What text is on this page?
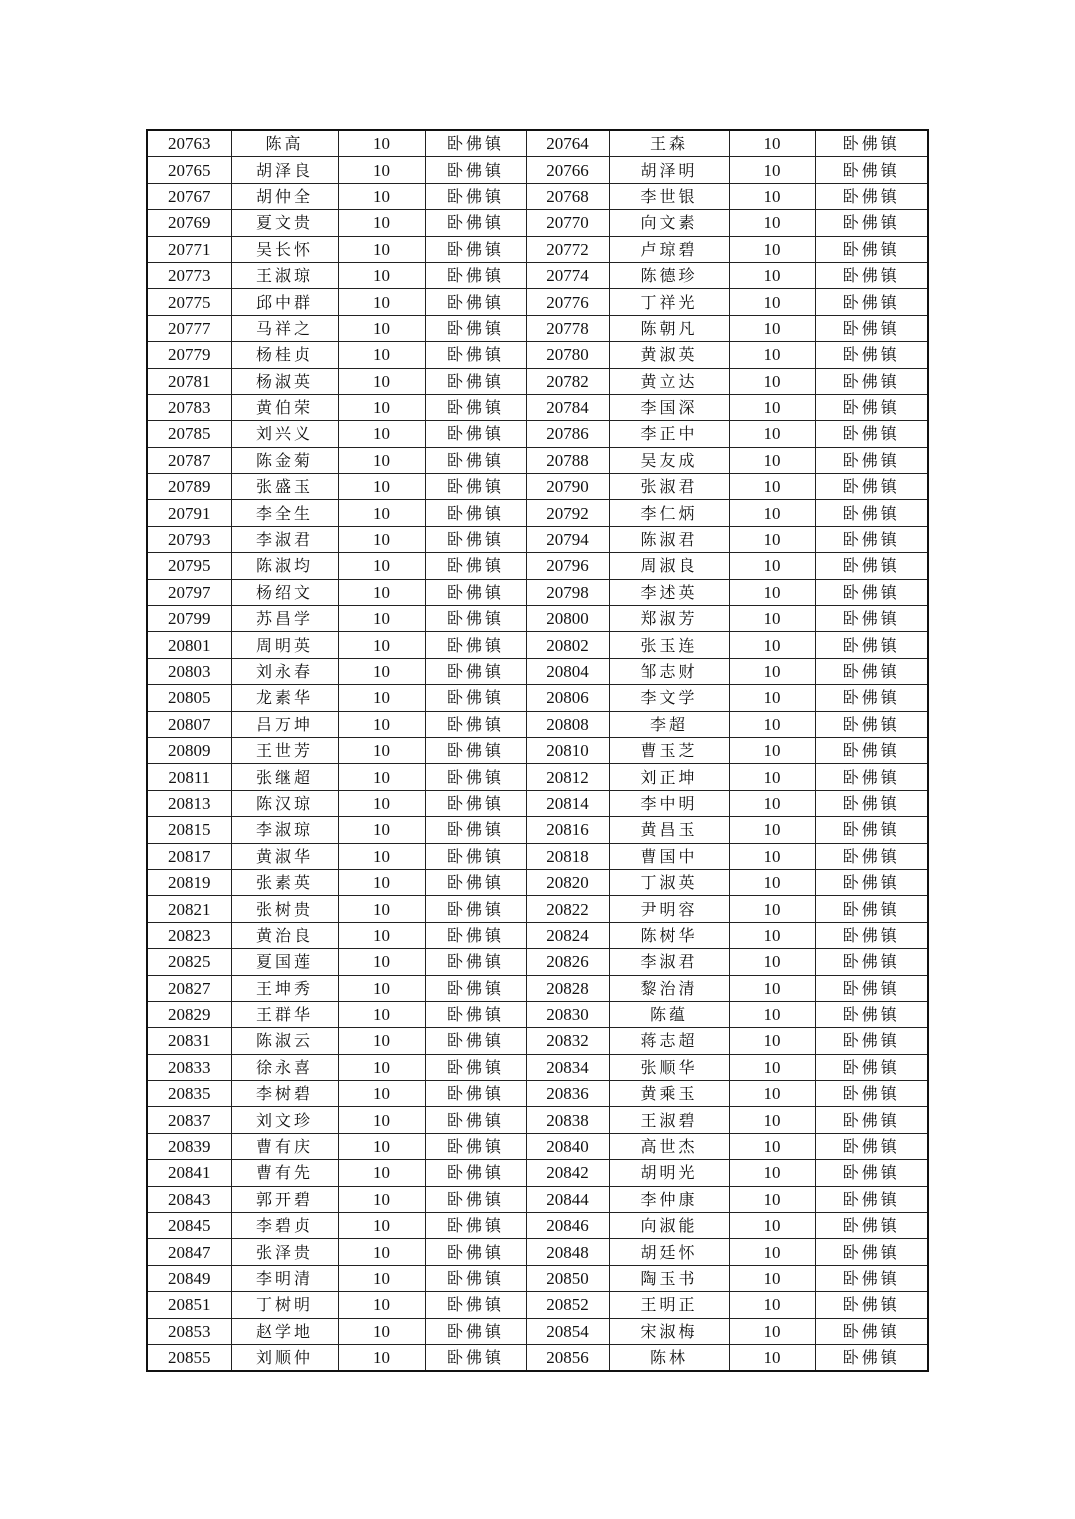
20763	陈高	10	卧佛镇	20764	王森	10	卧佛镇
20765	胡泽良	10	卧佛镇	20766	胡泽明	10	卧佛镇
20767	胡仲全	10	卧佛镇	20768	李世银	10	卧佛镇
20769	夏文贵	10	卧佛镇	20770	向文素	10	卧佛镇
20771	吴长怀	10	卧佛镇	20772	卢琼碧	10	卧佛镇
20773	王淑琼	10	卧佛镇	20774	陈德珍	10	卧佛镇
20775	邱中群	10	卧佛镇	20776	丁祥光	10	卧佛镇
20777	马祥之	10	卧佛镇	20778	陈朝凡	10	卧佛镇
20779	杨桂贞	10	卧佛镇	20780	黄淑英	10	卧佛镇
20781	杨淑英	10	卧佛镇	20782	黄立达	10	卧佛镇
20783	黄伯荣	10	卧佛镇	20784	李国深	10	卧佛镇
20785	刘兴义	10	卧佛镇	20786	李正中	10	卧佛镇
20787	陈金菊	10	卧佛镇	20788	吴友成	10	卧佛镇
20789	张盛玉	10	卧佛镇	20790	张淑君	10	卧佛镇
20791	李全生	10	卧佛镇	20792	李仁炳	10	卧佛镇
20793	李淑君	10	卧佛镇	20794	陈淑君	10	卧佛镇
20795	陈淑均	10	卧佛镇	20796	周淑良	10	卧佛镇
20797	杨绍文	10	卧佛镇	20798	李述英	10	卧佛镇
20799	苏昌学	10	卧佛镇	20800	郑淑芳	10	卧佛镇
20801	周明英	10	卧佛镇	20802	张玉连	10	卧佛镇
20803	刘永春	10	卧佛镇	20804	邹志财	10	卧佛镇
20805	龙素华	10	卧佛镇	20806	李文学	10	卧佛镇
20807	吕万坤	10	卧佛镇	20808	李超	10	卧佛镇
20809	王世芳	10	卧佛镇	20810	曹玉芝	10	卧佛镇
20811	张继超	10	卧佛镇	20812	刘正坤	10	卧佛镇
20813	陈汉琼	10	卧佛镇	20814	李中明	10	卧佛镇
20815	李淑琼	10	卧佛镇	20816	黄昌玉	10	卧佛镇
20817	黄淑华	10	卧佛镇	20818	曹国中	10	卧佛镇
20819	张素英	10	卧佛镇	20820	丁淑英	10	卧佛镇
20821	张树贵	10	卧佛镇	20822	尹明容	10	卧佛镇
20823	黄治良	10	卧佛镇	20824	陈树华	10	卧佛镇
20825	夏国莲	10	卧佛镇	20826	李淑君	10	卧佛镇
20827	王坤秀	10	卧佛镇	20828	黎治清	10	卧佛镇
20829	王群华	10	卧佛镇	20830	陈蕴	10	卧佛镇
20831	陈淑云	10	卧佛镇	20832	蒋志超	10	卧佛镇
20833	徐永喜	10	卧佛镇	20834	张顺华	10	卧佛镇
20835	李树碧	10	卧佛镇	20836	黄乘玉	10	卧佛镇
20837	刘文珍	10	卧佛镇	20838	王淑碧	10	卧佛镇
20839	曹有庆	10	卧佛镇	20840	高世杰	10	卧佛镇
20841	曹有先	10	卧佛镇	20842	胡明光	10	卧佛镇
20843	郭开碧	10	卧佛镇	20844	李仲康	10	卧佛镇
20845	李碧贞	10	卧佛镇	20846	向淑能	10	卧佛镇
20847	张泽贵	10	卧佛镇	20848	胡廷怀	10	卧佛镇
20849	李明清	10	卧佛镇	20850	陶玉书	10	卧佛镇
20851	丁树明	10	卧佛镇	20852	王明正	10	卧佛镇
20853	赵学地	10	卧佛镇	20854	宋淑梅	10	卧佛镇
20855	刘顺仲	10	卧佛镇	20856	陈林	10	卧佛镇
